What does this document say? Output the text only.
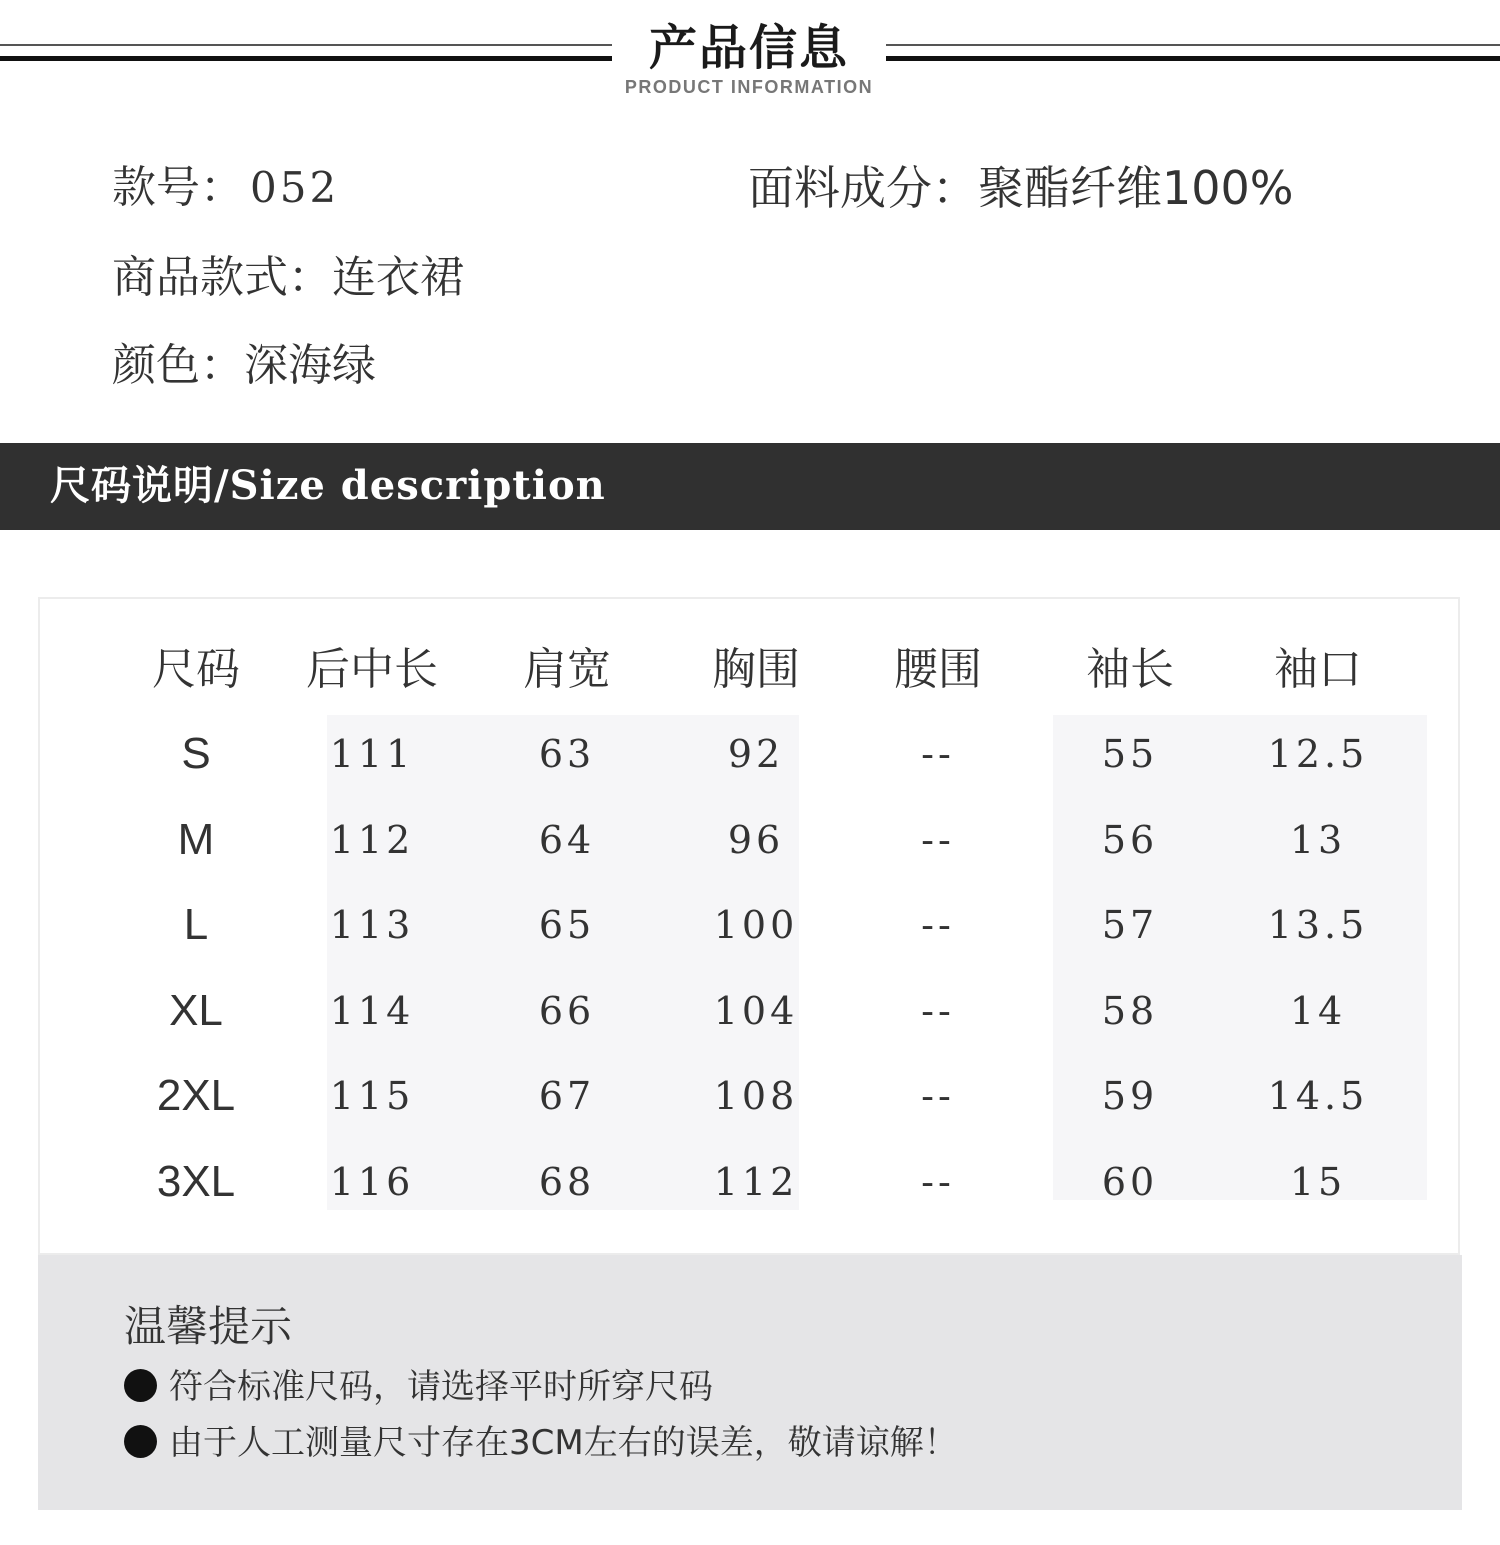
产品信息
PRODUCT INFORMATION
款号： 052	面料成分：聚酯纤维100%
商品款式：连衣裙
颜色：深海绿
尺码说明/Size description
尺码 后中长 肩宽 胸围 腰围 袖长 袖口
S	111	63	92	--	55	12.5
M	112	64	96	--	56	13
L	113	65	100	--	57	13.5
XL	114	66	104	--	58	14
2XL 115	67	108	--	59	14.5
3XL 116	68	112	--	60	15
温馨提示
符合标准尺码，请选择平时所穿尺码
由于人工测量尺寸存在3CM左右的误差，敬请谅解！
